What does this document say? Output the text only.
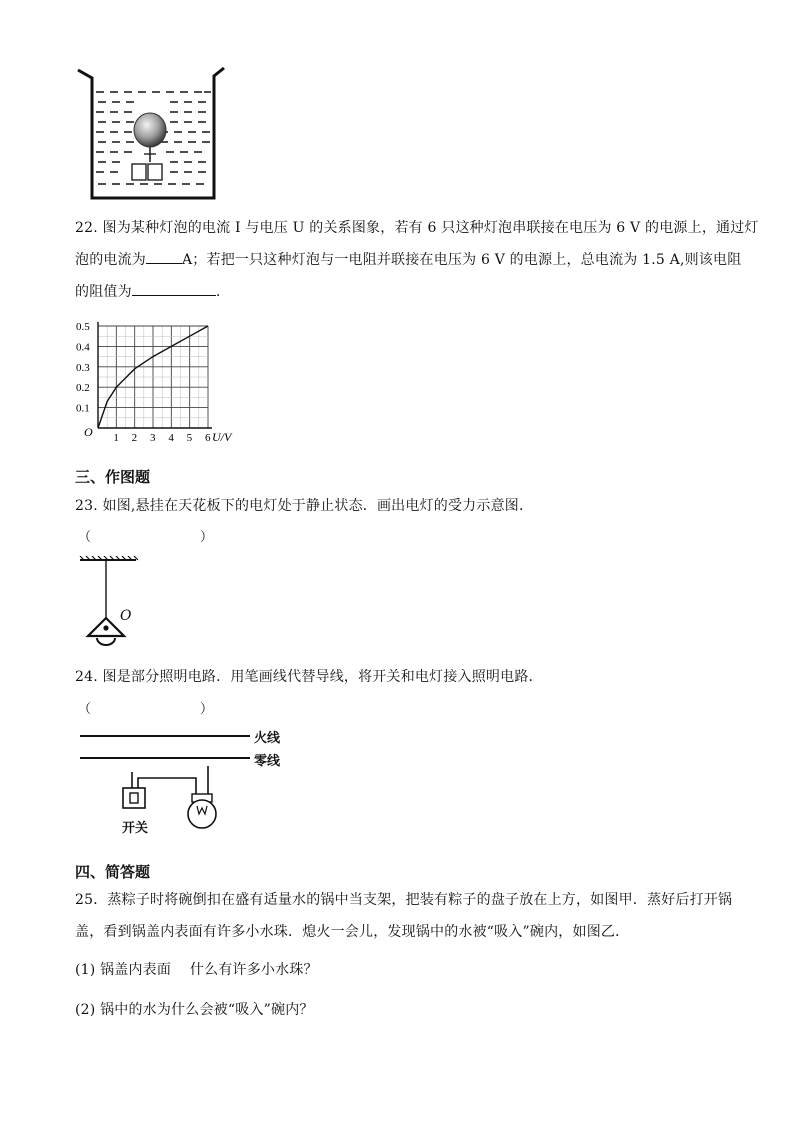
22. 图为某种灯泡的电流 I 与电压 U 的关系图象，若有 6 只这种灯泡串联接在电压为 6 V 的电源上，通过灯
泡的电流为	A；若把一只这种灯泡与一电阻并联接在电压为 6 V 的电源上，总电流为 1.5 A,则该电阻
的阻值为	.
0.1
0.2
0.3
0.4
0.5
1 2 3 4 5 6
O	U/V
三、作图题
23. 如图,悬挂在天花板下的电灯处于静止状态．画出电灯的受力示意图．
（	）
O
24. 图是部分照明电路．用笔画线代替导线，将开关和电灯接入照明电路．
（	）
火线
零线
开关
四、简答题
25．蒸粽子时将碗倒扣在盛有适量水的锅中当支架，把装有粽子的盘子放在上方，如图甲．蒸好后打开锅
盖，看到锅盖内表面有许多小水珠．熄火一会儿，发现锅中的水被“吸入”碗内，如图乙．
(1) 锅盖内表面　 什么有许多小水珠？
(2) 锅中的水为什么会被“吸入”碗内？
